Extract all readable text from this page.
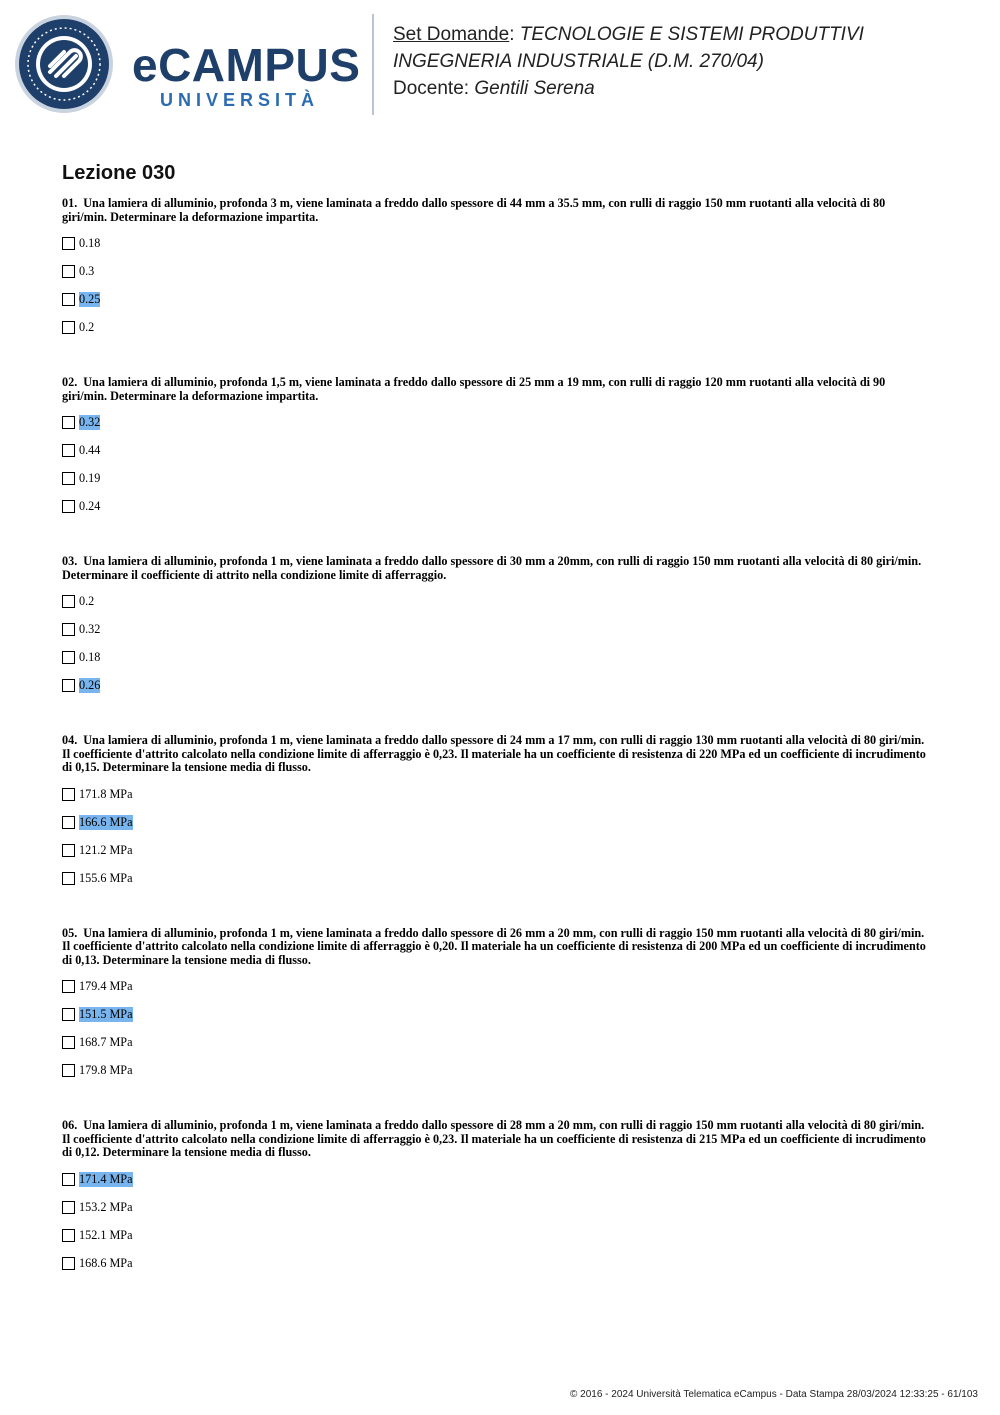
eCAMPUS
UNIVERSITÀ
Set Domande: TECNOLOGIE E SISTEMI PRODUTTIVI
INGEGNERIA INDUSTRIALE (D.M. 270/04)
Docente: Gentili Serena
Lezione 030

01. Una lamiera di alluminio, profonda 3 m, viene laminata a freddo dallo spessore di 44 mm a 35.5 mm, con rulli di raggio 150 mm ruotanti alla velocità di 80 giri/min. Determinare la deformazione impartita.

0.18
0.3
0.25
0.2

02. Una lamiera di alluminio, profonda 1,5 m, viene laminata a freddo dallo spessore di 25 mm a 19 mm, con rulli di raggio 120 mm ruotanti alla velocità di 90 giri/min. Determinare la deformazione impartita.

0.32
0.44
0.19
0.24

03. Una lamiera di alluminio, profonda 1 m, viene laminata a freddo dallo spessore di 30 mm a 20mm, con rulli di raggio 150 mm ruotanti alla velocità di 80 giri/min. Determinare il coefficiente di attrito nella condizione limite di afferraggio.

0.2
0.32
0.18
0.26

04. Una lamiera di alluminio, profonda 1 m, viene laminata a freddo dallo spessore di 24 mm a 17 mm, con rulli di raggio 130 mm ruotanti alla velocità di 80 giri/min. Il coefficiente d'attrito calcolato nella condizione limite di afferraggio è 0,23. Il materiale ha un coefficiente di resistenza di 220 MPa ed un coefficiente di incrudimento di 0,15. Determinare la tensione media di flusso.

171.8 MPa
166.6 MPa
121.2 MPa
155.6 MPa

05. Una lamiera di alluminio, profonda 1 m, viene laminata a freddo dallo spessore di 26 mm a 20 mm, con rulli di raggio 150 mm ruotanti alla velocità di 80 giri/min. Il coefficiente d'attrito calcolato nella condizione limite di afferraggio è 0,20. Il materiale ha un coefficiente di resistenza di 200 MPa ed un coefficiente di incrudimento di 0,13. Determinare la tensione media di flusso.

179.4 MPa
151.5 MPa
168.7 MPa
179.8 MPa

06. Una lamiera di alluminio, profonda 1 m, viene laminata a freddo dallo spessore di 28 mm a 20 mm, con rulli di raggio 150 mm ruotanti alla velocità di 80 giri/min. Il coefficiente d'attrito calcolato nella condizione limite di afferraggio è 0,23. Il materiale ha un coefficiente di resistenza di 215 MPa ed un coefficiente di incrudimento di 0,12. Determinare la tensione media di flusso.

171.4 MPa
153.2 MPa
152.1 MPa
168.6 MPa
© 2016 - 2024 Università Telematica eCampus - Data Stampa 28/03/2024 12:33:25 - 61/103
